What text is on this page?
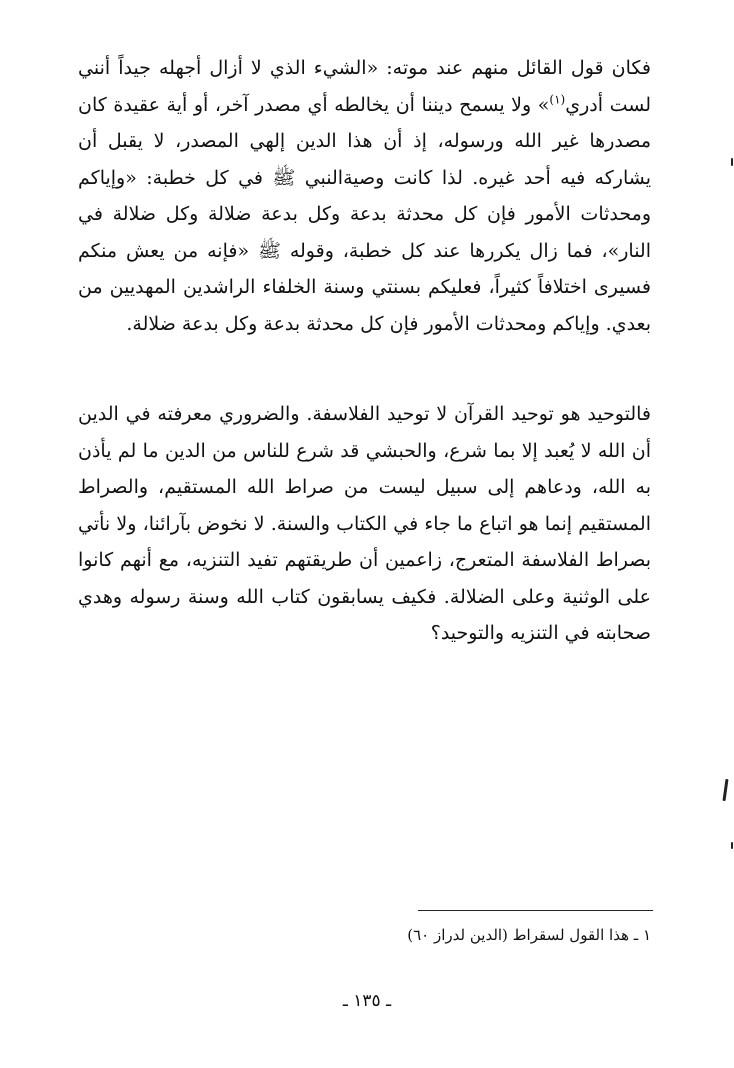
فكان قول القائل منهم عند موته: «الشيء الذي لا أزال أجهله جيداً أنني لست أدري$^{(١)}$» ولا يسمح ديننا أن يخالطه أي مصدر آخر، أو أية عقيدة كان مصدرها غير الله ورسوله، إذ أن هذا الدين إلهي المصدر، لا يقبل أن يشاركه فيه أحد غيره. لذا كانت وصيةالنبي ﷺ في كل خطبة: «وإياكم ومحدثات الأمور فإن كل محدثة بدعة وكل بدعة ضلالة وكل ضلالة في النار»، فما زال يكررها عند كل خطبة، وقوله ﷺ «فإنه من يعش منكم فسيرى اختلافاً كثيراً، فعليكم بسنتي وسنة الخلفاء الراشدين المهديين من بعدي. وإياكم ومحدثات الأمور فإن كل محدثة بدعة وكل بدعة ضلالة.

فالتوحيد هو توحيد القرآن لا توحيد الفلاسفة. والضروري معرفته في الدين أن الله لا يُعبد إلا بما شرع، والحبشي قد شرع للناس من الدين ما لم يأذن به الله، ودعاهم إلى سبيل ليست من صراط الله المستقيم، والصراط المستقيم إنما هو اتباع ما جاء في الكتاب والسنة. لا نخوض بآرائنا، ولا نأتي بصراط الفلاسفة المتعرج، زاعمين أن طريقتهم تفيد التنزيه، مع أنهم كانوا على الوثنية وعلى الضلالة. فكيف يسابقون كتاب الله وسنة رسوله وهدي صحابته في التنزيه والتوحيد؟

١ ـ هذا القول لسقراط (الدين لدراز ٦٠)

ـ ١٣٥ ـ
